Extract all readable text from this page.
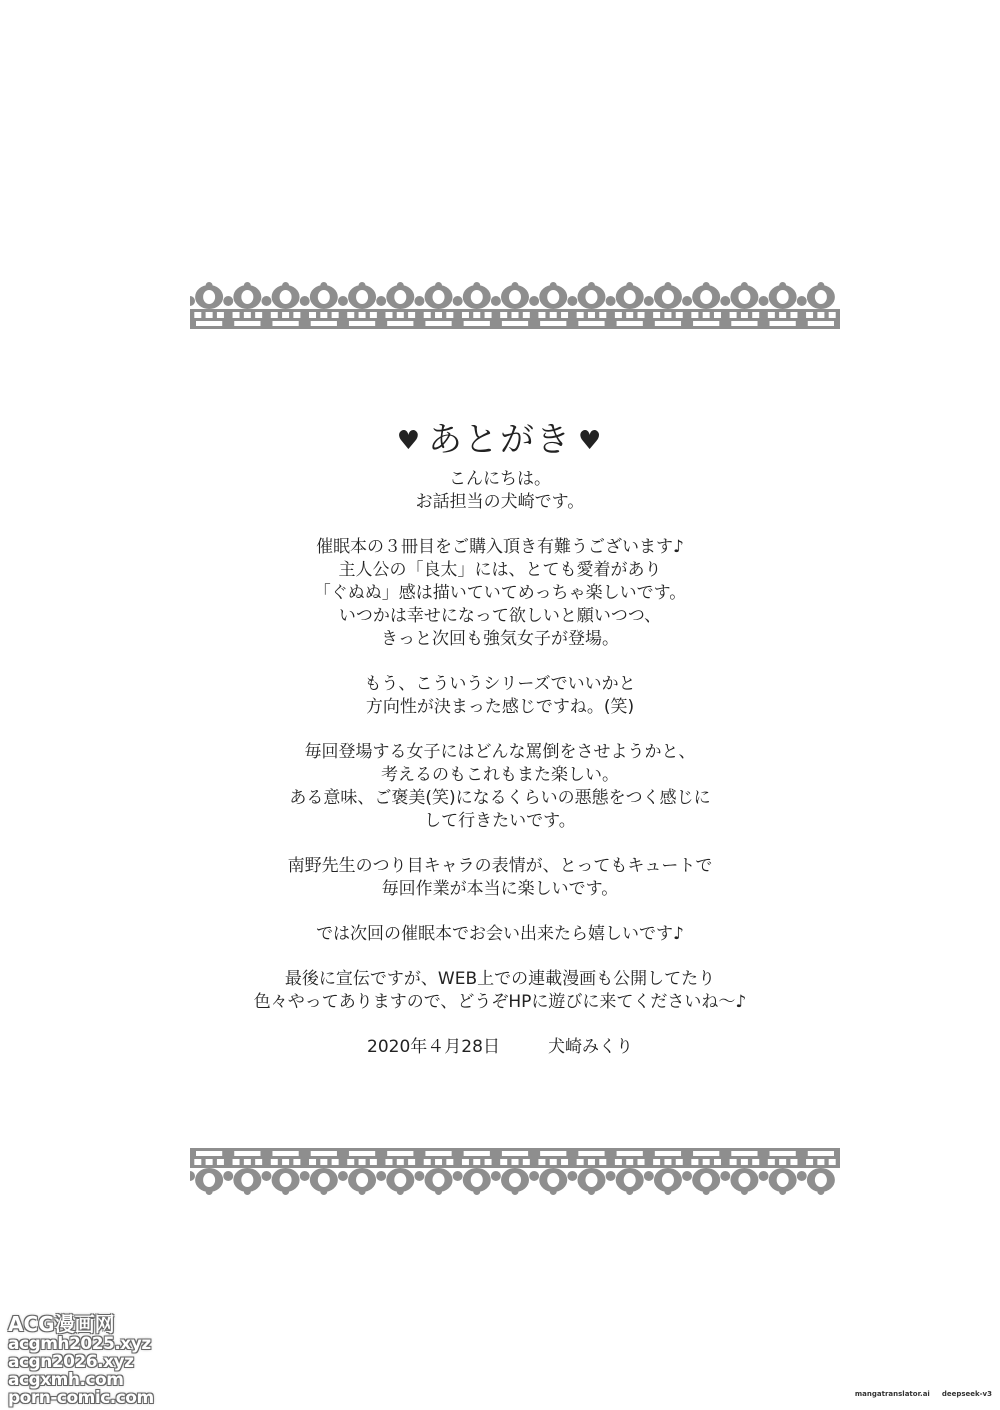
♥ あとがき ♥

こんにちは。

お話担当の犬崎です。

催眠本の３冊目をご購入頂き有難うございます♪

主人公の「良太」には、とても愛着があり

「ぐぬぬ」感は描いていてめっちゃ楽しいです。

いつかは幸せになって欲しいと願いつつ、

きっと次回も強気女子が登場。

もう、こういうシリーズでいいかと

方向性が決まった感じですね。(笑)

毎回登場する女子にはどんな罵倒をさせようかと、

考えるのもこれもまた楽しい。

ある意味、ご褒美(笑)になるくらいの悪態をつく感じに

して行きたいです。

南野先生のつり目キャラの表情が、とってもキュートで

毎回作業が本当に楽しいです。

では次回の催眠本でお会い出来たら嬉しいです♪

最後に宣伝ですが、WEB上での連載漫画も公開してたり

色々やってありますので、どうぞHPに遊びに来てくださいね～♪

2020年４月28日	犬崎みくり
ACG漫画网
acgmh2025.xyz
acgn2026.xyz
acgxmh.com
porn-comic.com	mangatranslator.ai deepseek-v3
